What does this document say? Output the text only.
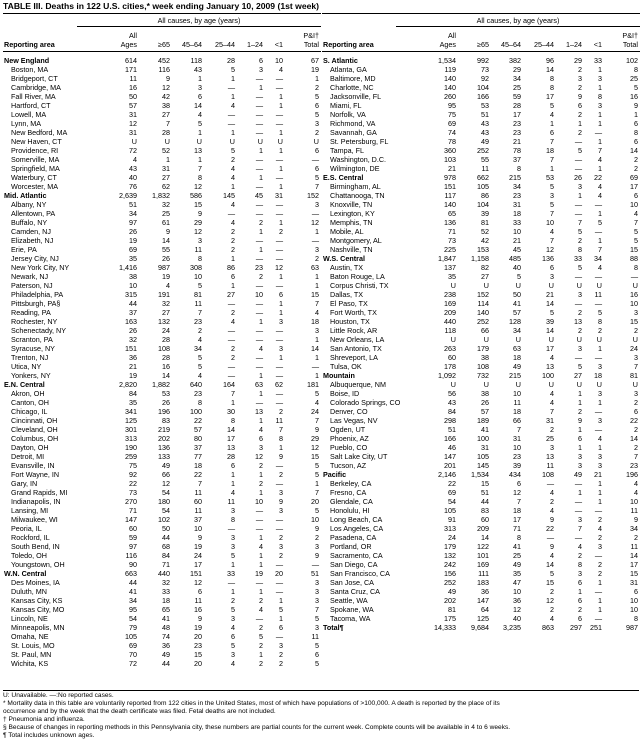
TABLE III. Deaths in 122 U.S. cities,* week ending January 10, 2009 (1st week)
All causes, by age (years)
Reporting area
All
Ages	≥65	45–64	25–44	1–24	<1
P&I†
Total
All causes, by age (years)
Reporting area
All
Ages	≥65	45–64	25–44	1–24	<1
P&I†
Total
New England	614	452	118	28	6	10	67
Boston, MA	171	116	43	5	3	4	19
Bridgeport, CT	11	9	1	1	—	—	1
Cambridge, MA	16	12	3	—	1	—	2
Fall River, MA	50	42	6	1	—	1	5
Hartford, CT	57	38	14	4	—	1	6
Lowell, MA	31	27	4	—	—	—	5
Lynn, MA	12	7	5	—	—	—	3
New Bedford, MA	31	28	1	1	—	1	2
New Haven, CT	U	U	U	U	U	U	U
Providence, RI	72	52	13	5	1	1	6
Somerville, MA	4	1	1	2	—	—	—
Springfield, MA	43	31	7	4	—	1	6
Waterbury, CT	40	27	8	4	1	—	5
Worcester, MA	76	62	12	1	—	1	7
Mid. Atlantic	2,639	1,832	586	145	45	31	152
Albany, NY	51	32	15	4	—	—	3
Allentown, PA	34	25	9	—	—	—	—
Buffalo, NY	97	61	29	4	2	1	12
Camden, NJ	26	9	12	2	1	2	1
Elizabeth, NJ	19	14	3	2	—	—	—
Erie, PA	69	55	11	2	1	—	3
Jersey City, NJ	35	26	8	1	—	—	2
New York City, NY	1,416	987	308	86	23	12	63
Newark, NJ	38	19	10	6	2	1	1
Paterson, NJ	10	4	5	1	—	—	1
Philadelphia, PA	315	191	81	27	10	6	15
Pittsburgh, PA§	44	32	11	—	—	1	7
Reading, PA	37	27	7	2	—	1	4
Rochester, NY	163	132	23	4	1	3	18
Schenectady, NY	26	24	2	—	—	—	3
Scranton, PA	32	28	4	—	—	—	1
Syracuse, NY	151	108	34	2	4	3	14
Trenton, NJ	36	28	5	2	—	1	1
Utica, NY	21	16	5	—	—	—	—
Yonkers, NY	19	14	4	—	1	—	1
E.N. Central	2,820	1,882	640	164	63	62	181
Akron, OH	84	53	23	7	1	—	5
Canton, OH	35	26	8	1	—	—	4
Chicago, IL	341	196	100	30	13	2	24
Cincinnati, OH	125	83	22	8	1	11	7
Cleveland, OH	301	219	57	14	4	7	9
Columbus, OH	313	202	80	17	6	8	29
Dayton, OH	190	136	37	13	3	1	12
Detroit, MI	259	133	77	28	12	9	15
Evansville, IN	75	49	18	6	2	—	5
Fort Wayne, IN	92	66	22	1	1	2	5
Gary, IN	22	12	7	1	2	—	1
Grand Rapids, MI	73	54	11	4	1	3	7
Indianapolis, IN	270	180	60	11	10	9	20
Lansing, MI	71	54	11	3	—	3	5
Milwaukee, WI	147	102	37	8	—	—	10
Peoria, IL	60	50	10	—	—	—	9
Rockford, IL	59	44	9	3	1	2	2
South Bend, IN	97	68	19	3	4	3	3
Toledo, OH	116	84	24	5	1	2	9
Youngstown, OH	90	71	17	1	1	—	—
W.N. Central	663	440	151	33	19	20	51
Des Moines, IA	44	32	12	—	—	—	3
Duluth, MN	41	33	6	1	1	—	3
Kansas City, KS	34	18	11	2	2	1	3
Kansas City, MO	95	65	16	5	4	5	7
Lincoln, NE	54	41	9	3	—	1	5
Minneapolis, MN	79	48	19	4	2	6	3
Omaha, NE	105	74	20	6	5	—	11
St. Louis, MO	69	36	23	5	2	3	5
St. Paul, MN	70	49	15	3	1	2	6
Wichita, KS	72	44	20	4	2	2	5
S. Atlantic	1,534	992	382	96	29	33	102
Atlanta, GA	119	73	29	14	2	1	8
Baltimore, MD	140	92	34	8	3	3	25
Charlotte, NC	140	104	25	8	2	1	5
Jacksonville, FL	260	166	59	17	9	8	16
Miami, FL	95	53	28	5	6	3	9
Norfolk, VA	75	51	17	4	2	1	1
Richmond, VA	69	43	23	1	1	1	6
Savannah, GA	74	43	23	6	2	—	8
St. Petersburg, FL	78	49	21	7	—	1	6
Tampa, FL	360	252	78	18	5	7	14
Washington, D.C.	103	55	37	7	—	4	2
Wilmington, DE	21	11	8	1	—	1	2
E.S. Central	978	662	215	53	26	22	69
Birmingham, AL	151	105	34	5	3	4	17
Chattanooga, TN	117	86	23	3	1	4	6
Knoxville, TN	140	104	31	5	—	—	10
Lexington, KY	65	39	18	7	—	1	4
Memphis, TN	136	81	33	10	7	5	7
Mobile, AL	71	52	10	4	5	—	5
Montgomery, AL	73	42	21	7	2	1	5
Nashville, TN	225	153	45	12	8	7	15
W.S. Central	1,847	1,158	485	136	33	34	88
Austin, TX	137	82	40	6	5	4	8
Baton Rouge, LA	35	27	5	3	—	—	—
Corpus Christi, TX	U	U	U	U	U	U	U
Dallas, TX	238	152	50	21	3	11	16
El Paso, TX	169	114	41	14	—	—	10
Fort Worth, TX	209	140	57	5	2	5	3
Houston, TX	440	252	128	39	13	8	15
Little Rock, AR	118	66	34	14	2	2	2
New Orleans, LA	U	U	U	U	U	U	U
San Antonio, TX	263	179	63	17	3	1	24
Shreveport, LA	60	38	18	4	—	—	3
Tulsa, OK	178	108	49	13	5	3	7
Mountain	1,092	732	215	100	27	18	81
Albuquerque, NM	U	U	U	U	U	U	U
Boise, ID	56	38	10	4	1	3	3
Colorado Springs, CO	43	26	11	4	1	1	2
Denver, CO	84	57	18	7	2	—	6
Las Vegas, NV	298	189	66	31	9	3	22
Ogden, UT	51	41	7	2	1	—	2
Phoenix, AZ	166	100	31	25	6	4	14
Pueblo, CO	46	31	10	3	1	1	2
Salt Lake City, UT	147	105	23	13	3	3	7
Tucson, AZ	201	145	39	11	3	3	23
Pacific	2,146	1,534	434	108	49	21	196
Berkeley, CA	22	15	6	—	—	1	4
Fresno, CA	69	51	12	4	1	1	4
Glendale, CA	54	44	7	2	—	1	10
Honolulu, HI	105	83	18	4	—	—	11
Long Beach, CA	91	60	17	9	3	2	9
Los Angeles, CA	313	209	71	22	7	4	34
Pasadena, CA	24	14	8	—	—	2	2
Portland, OR	179	122	41	9	4	3	11
Sacramento, CA	132	101	25	4	2	—	14
San Diego, CA	242	169	49	14	8	2	17
San Francisco, CA	156	111	35	5	3	2	15
San Jose, CA	252	183	47	15	6	1	31
Santa Cruz, CA	49	36	10	2	1	—	6
Seattle, WA	202	147	36	12	6	1	10
Spokane, WA	81	64	12	2	2	1	10
Tacoma, WA	175	125	40	4	6	—	8
Total¶	14,333	9,684	3,235	863	297	251	987
U: Unavailable. —:No reported cases.
* Mortality data in this table are voluntarily reported from 122 cities in the United States, most of which have populations of >100,000. A death is reported by the place of its
occurrence and by the week that the death certificate was filed. Fetal deaths are not included.
† Pneumonia and influenza.
§ Because of changes in reporting methods in this Pennsylvania city, these numbers are partial counts for the current week. Complete counts will be available in 4 to 6 weeks.
¶ Total includes unknown ages.
